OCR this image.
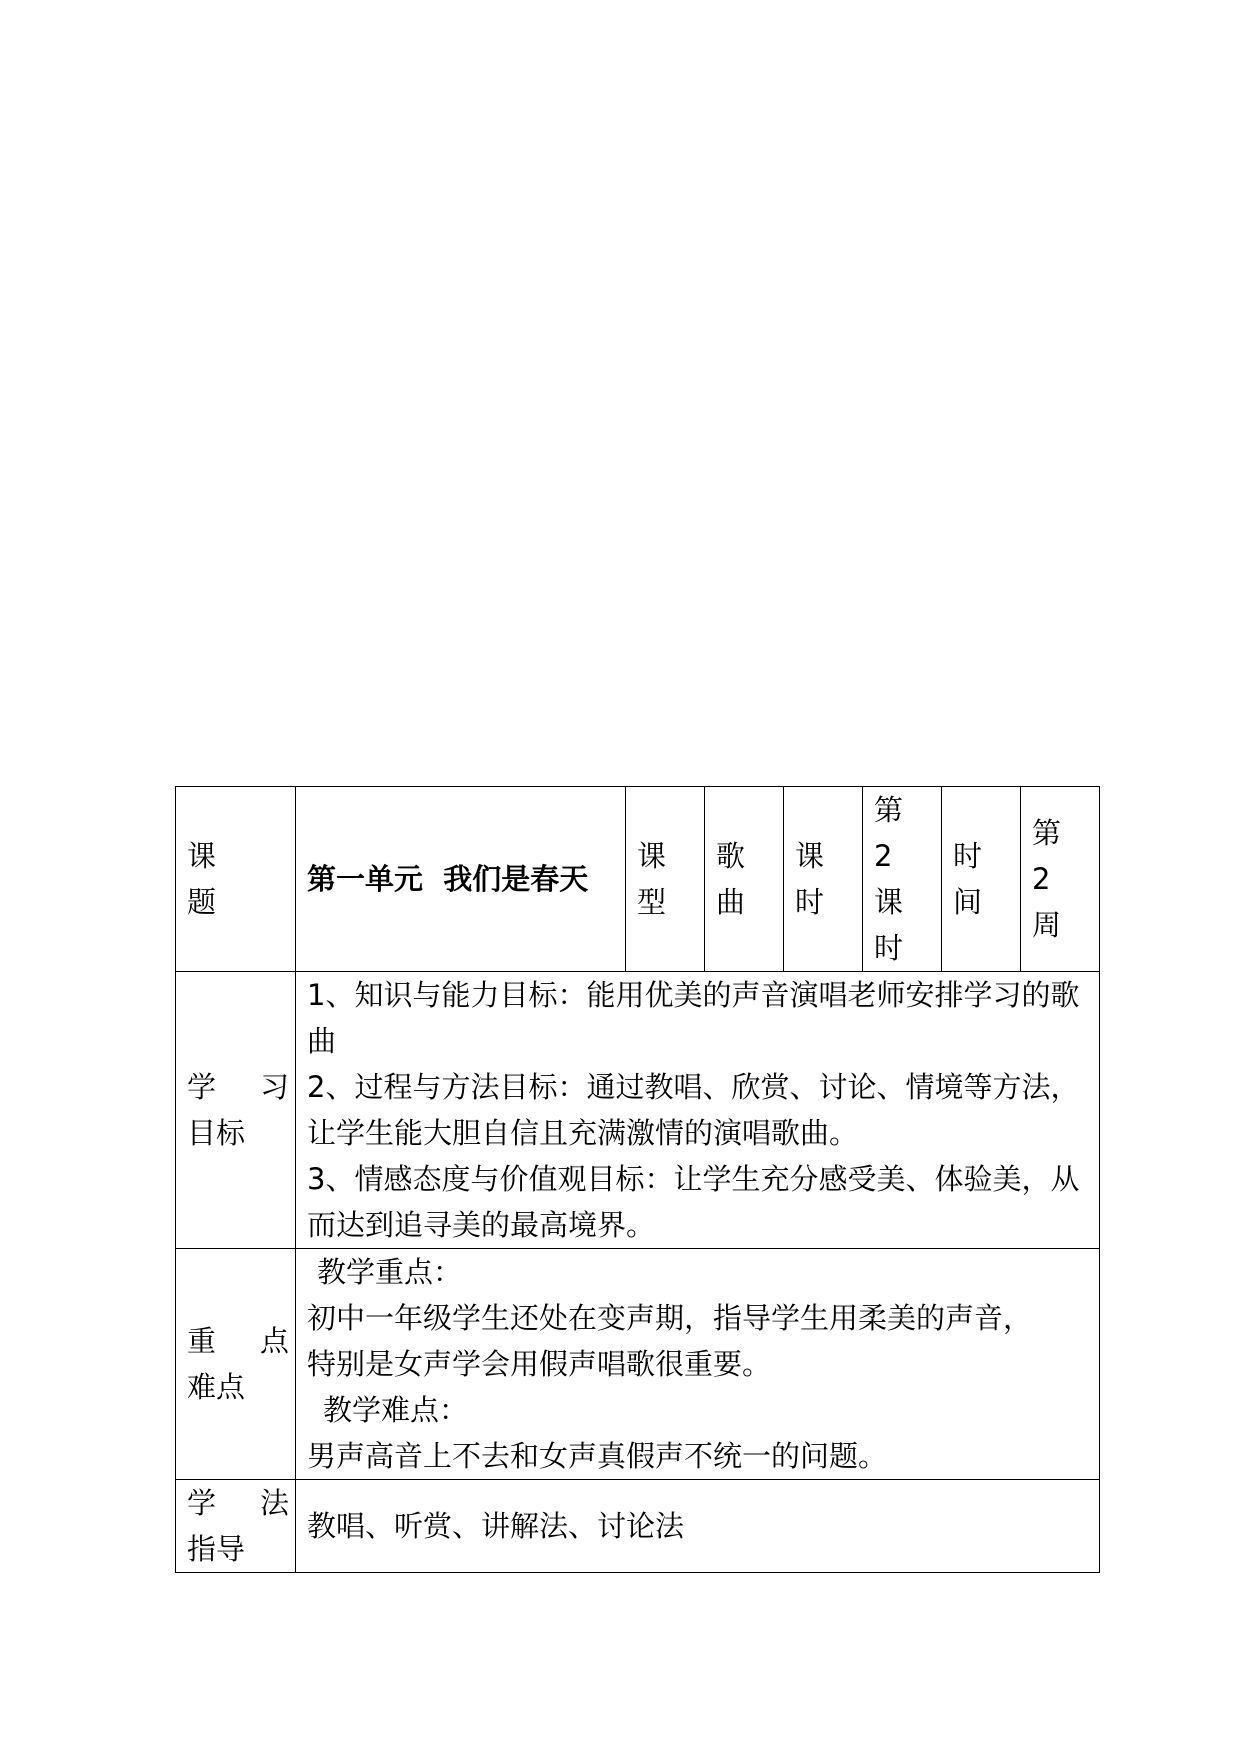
课题	第一单元  我们是春天	课型	歌曲	课时	第2课时	时间	第2周

学 习
目标	1、知识与能力目标：能用优美的声音演唱老师安排学习的歌曲
2、过程与方法目标：通过教唱、欣赏、讨论、情境等方法，让学生能大胆自信且充满激情的演唱歌曲。
3、情感态度与价值观目标：让学生充分感受美、体验美，从而达到追寻美的最高境界。						

重 点
难点	教学重点：
初中一年级学生还处在变声期，指导学生用柔美的声音，
特别是女声学会用假声唱歌很重要。
教学难点：
男声高音上不去和女声真假声不统一的问题。						

学 法
指导	教唱、听赏、讲解法、讨论法						
